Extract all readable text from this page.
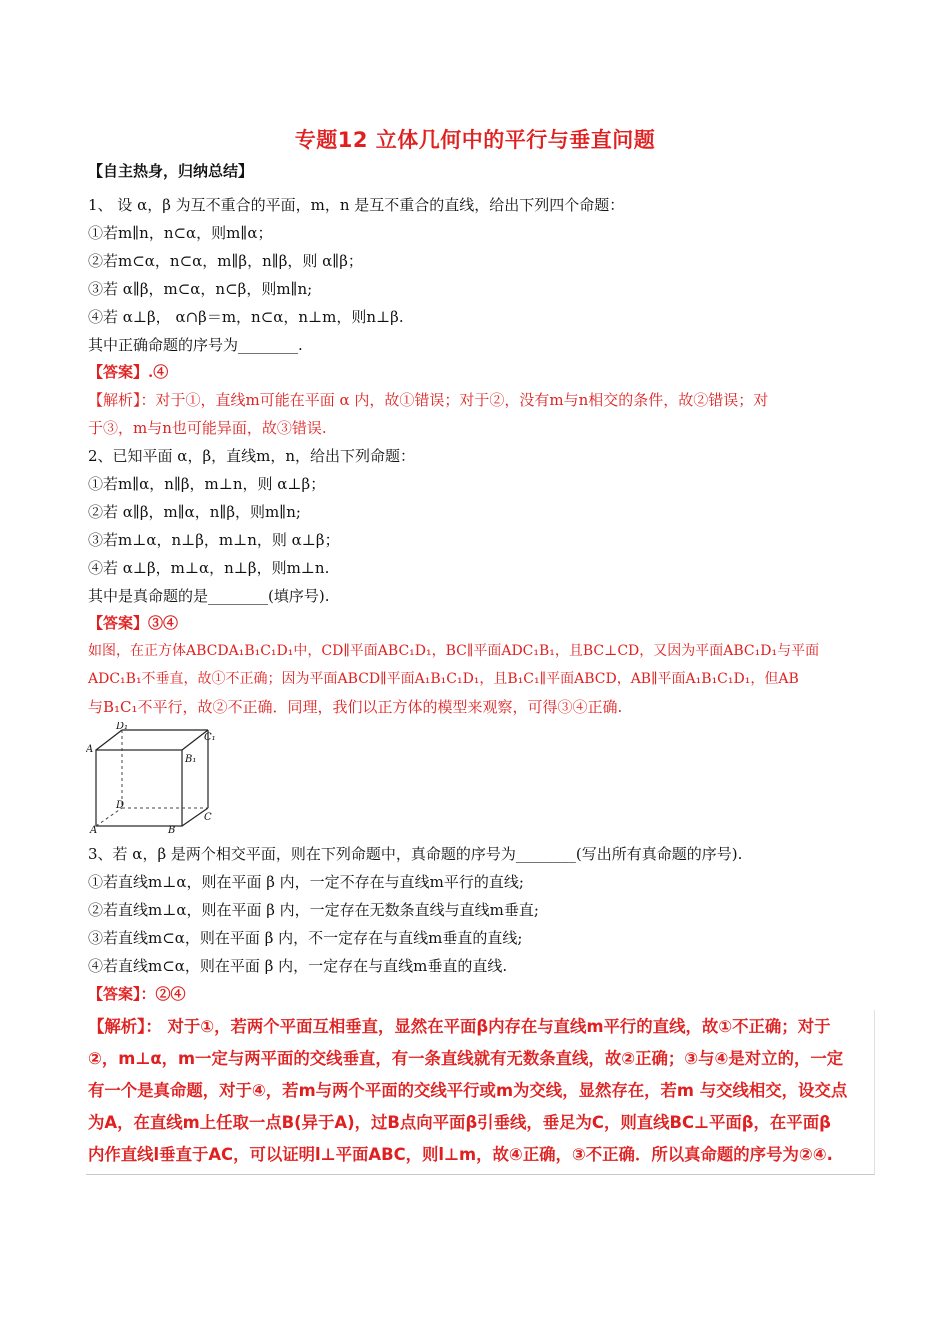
专题12 立体几何中的平行与垂直问题
【自主热身，归纳总结】
1、 设 α，β 为互不重合的平面，m，n 是互不重合的直线，给出下列四个命题：
①若m∥n，n⊂α，则m∥α；
②若m⊂α，n⊂α，m∥β，n∥β，则 α∥β；
③若 α∥β，m⊂α，n⊂β，则m∥n;
④若 α⊥β， α∩β＝m，n⊂α，n⊥m，则n⊥β.
其中正确命题的序号为________.
【答案】.④
【解析】：对于①，直线m可能在平面 α 内，故①错误；对于②，没有m与n相交的条件，故②错误；对
于③，m与n也可能异面，故③错误.
2、已知平面 α，β，直线m，n，给出下列命题：
①若m∥α，n∥β，m⊥n，则 α⊥β；
②若 α∥β，m∥α，n∥β，则m∥n;
③若m⊥α，n⊥β，m⊥n，则 α⊥β；
④若 α⊥β，m⊥α，n⊥β，则m⊥n.
其中是真命题的是________(填序号).
【答案】③④
如图，在正方体ABCDA₁B₁C₁D₁中，CD∥平面ABC₁D₁，BC∥平面ADC₁B₁，且BC⊥CD，又因为平面ABC₁D₁与平面
ADC₁B₁不垂直，故①不正确；因为平面ABCD∥平面A₁B₁C₁D₁，且B₁C₁∥平面ABCD，AB∥平面A₁B₁C₁D₁，但AB
与B₁C₁不平行，故②不正确．同理，我们以正方体的模型来观察，可得③④正确.
D₁
A
C₁
B₁
D
C
A	B
3、若 α，β 是两个相交平面，则在下列命题中，真命题的序号为________(写出所有真命题的序号).
①若直线m⊥α，则在平面 β 内，一定不存在与直线m平行的直线;
②若直线m⊥α，则在平面 β 内，一定存在无数条直线与直线m垂直;
③若直线m⊂α，则在平面 β 内，不一定存在与直线m垂直的直线;
④若直线m⊂α，则在平面 β 内，一定存在与直线m垂直的直线.
【答案】：②④
【解析】： 对于①，若两个平面互相垂直，显然在平面β内存在与直线m平行的直线，故①不正确；对于
②，m⊥α，m一定与两平面的交线垂直，有一条直线就有无数条直线，故②正确；③与④是对立的，一定
有一个是真命题，对于④，若m与两个平面的交线平行或m为交线，显然存在，若m 与交线相交，设交点
为A，在直线m上任取一点B(异于A)，过B点向平面β引垂线，垂足为C，则直线BC⊥平面β，在平面β
内作直线l垂直于AC，可以证明l⊥平面ABC，则l⊥m，故④正确，③不正确．所以真命题的序号为②④.
